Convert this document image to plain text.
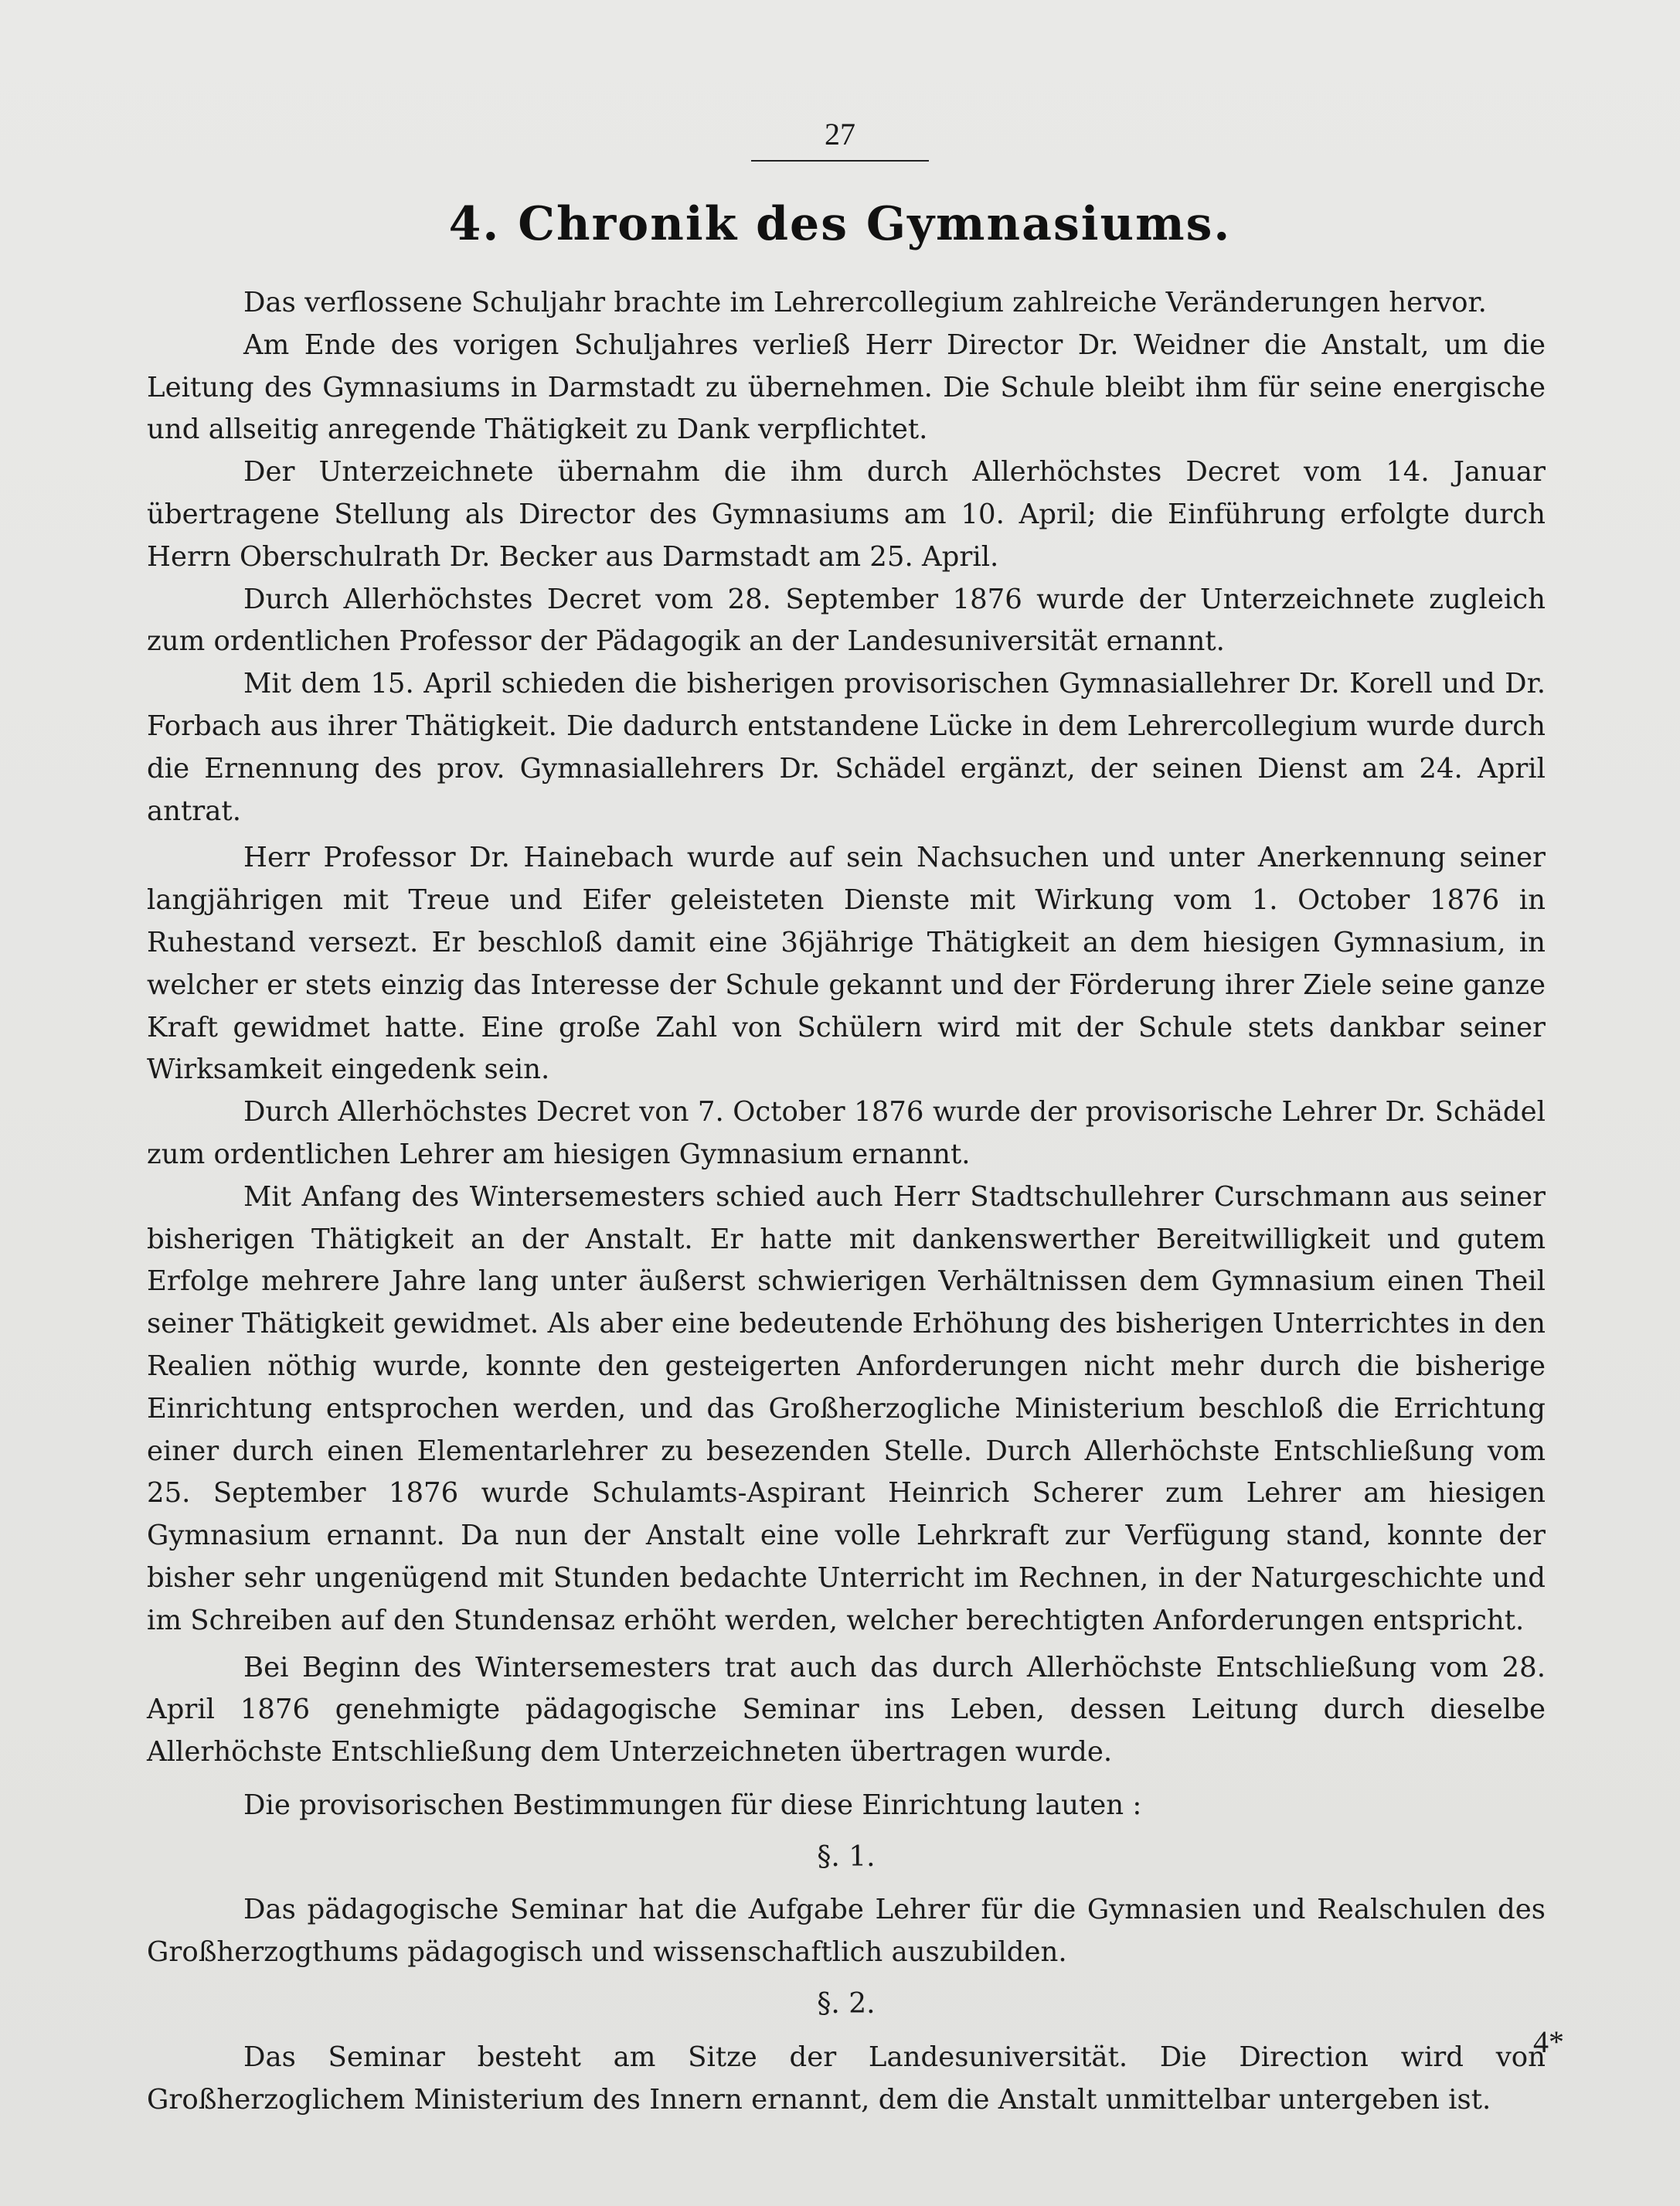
27
4. Chronik des Gymnasiums.

Das verflossene Schuljahr brachte im Lehrercollegium zahlreiche Veränderungen hervor.

Am Ende des vorigen Schuljahres verließ Herr Director Dr. Weidner die Anstalt, um die Leitung des Gymnasiums in Darmstadt zu übernehmen. Die Schule bleibt ihm für seine energische und allseitig anregende Thätigkeit zu Dank verpflichtet.

Der Unterzeichnete übernahm die ihm durch Allerhöchstes Decret vom 14. Januar übertragene Stellung als Director des Gymnasiums am 10. April; die Einführung erfolgte durch Herrn Oberschulrath Dr. Becker aus Darmstadt am 25. April.

Durch Allerhöchstes Decret vom 28. September 1876 wurde der Unterzeichnete zugleich zum ordentlichen Professor der Pädagogik an der Landesuniversität ernannt.

Mit dem 15. April schieden die bisherigen provisorischen Gymnasiallehrer Dr. Korell und Dr. Forbach aus ihrer Thätigkeit. Die dadurch entstandene Lücke in dem Lehrercollegium wurde durch die Ernennung des prov. Gymnasiallehrers Dr. Schädel ergänzt, der seinen Dienst am 24. April antrat.

Herr Professor Dr. Hainebach wurde auf sein Nachsuchen und unter Anerkennung seiner langjährigen mit Treue und Eifer geleisteten Dienste mit Wirkung vom 1. October 1876 in Ruhestand versezt. Er beschloß damit eine 36jährige Thätigkeit an dem hiesigen Gymnasium, in welcher er stets einzig das Interesse der Schule gekannt und der Förderung ihrer Ziele seine ganze Kraft gewidmet hatte. Eine große Zahl von Schülern wird mit der Schule stets dankbar seiner Wirksamkeit eingedenk sein.

Durch Allerhöchstes Decret von 7. October 1876 wurde der provisorische Lehrer Dr. Schädel zum ordentlichen Lehrer am hiesigen Gymnasium ernannt.

Mit Anfang des Wintersemesters schied auch Herr Stadtschullehrer Curschmann aus seiner bisherigen Thätigkeit an der Anstalt. Er hatte mit dankenswerther Bereitwilligkeit und gutem Erfolge mehrere Jahre lang unter äußerst schwierigen Verhältnissen dem Gymnasium einen Theil seiner Thätigkeit gewidmet. Als aber eine bedeutende Erhöhung des bisherigen Unterrichtes in den Realien nöthig wurde, konnte den gesteigerten Anforderungen nicht mehr durch die bisherige Einrichtung entsprochen werden, und das Großherzogliche Ministerium beschloß die Errichtung einer durch einen Elementarlehrer zu besezenden Stelle. Durch Allerhöchste Entschließung vom 25. September 1876 wurde Schulamts-Aspirant Heinrich Scherer zum Lehrer am hiesigen Gymnasium ernannt. Da nun der Anstalt eine volle Lehrkraft zur Verfügung stand, konnte der bisher sehr ungenügend mit Stunden bedachte Unterricht im Rechnen, in der Naturgeschichte und im Schreiben auf den Stundensaz erhöht werden, welcher berechtigten Anforderungen entspricht.

Bei Beginn des Wintersemesters trat auch das durch Allerhöchste Entschließung vom 28. April 1876 genehmigte pädagogische Seminar ins Leben, dessen Leitung durch dieselbe Allerhöchste Entschließung dem Unterzeichneten übertragen wurde.

Die provisorischen Bestimmungen für diese Einrichtung lauten :

§. 1.

Das pädagogische Seminar hat die Aufgabe Lehrer für die Gymnasien und Realschulen des Großherzogthums pädagogisch und wissenschaftlich auszubilden.

§. 2.

Das Seminar besteht am Sitze der Landesuniversität. Die Direction wird von Großherzoglichem Ministerium des Innern ernannt, dem die Anstalt unmittelbar untergeben ist.

4*
